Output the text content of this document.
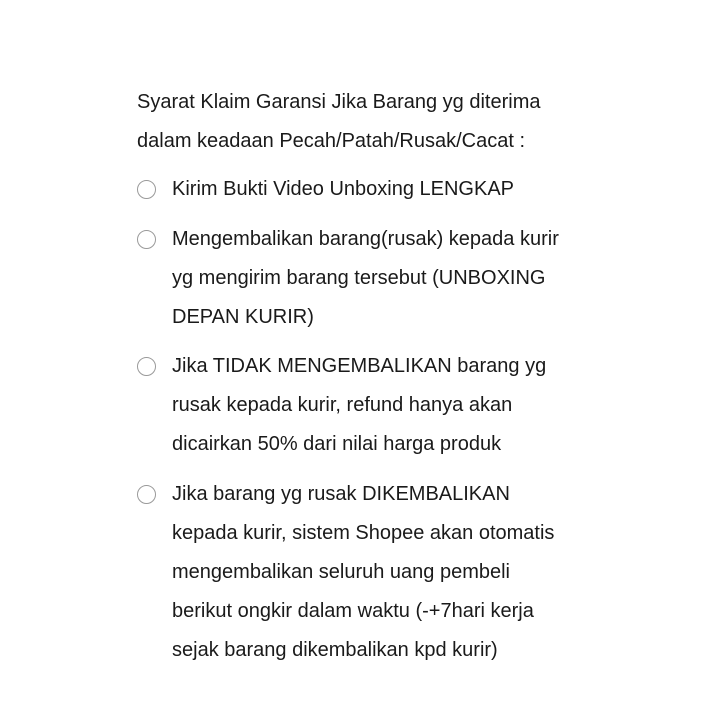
Syarat Klaim Garansi Jika Barang yg diterima
dalam keadaan Pecah/Patah/Rusak/Cacat :
Kirim Bukti Video Unboxing LENGKAP
Mengembalikan barang(rusak) kepada kurir
yg mengirim barang tersebut (UNBOXING
DEPAN KURIR)
Jika TIDAK MENGEMBALIKAN barang yg
rusak kepada kurir, refund hanya akan
dicairkan 50% dari nilai harga produk
Jika barang yg rusak DIKEMBALIKAN
kepada kurir, sistem Shopee akan otomatis
mengembalikan seluruh uang pembeli
berikut ongkir dalam waktu (-+7hari kerja
sejak barang dikembalikan kpd kurir)
